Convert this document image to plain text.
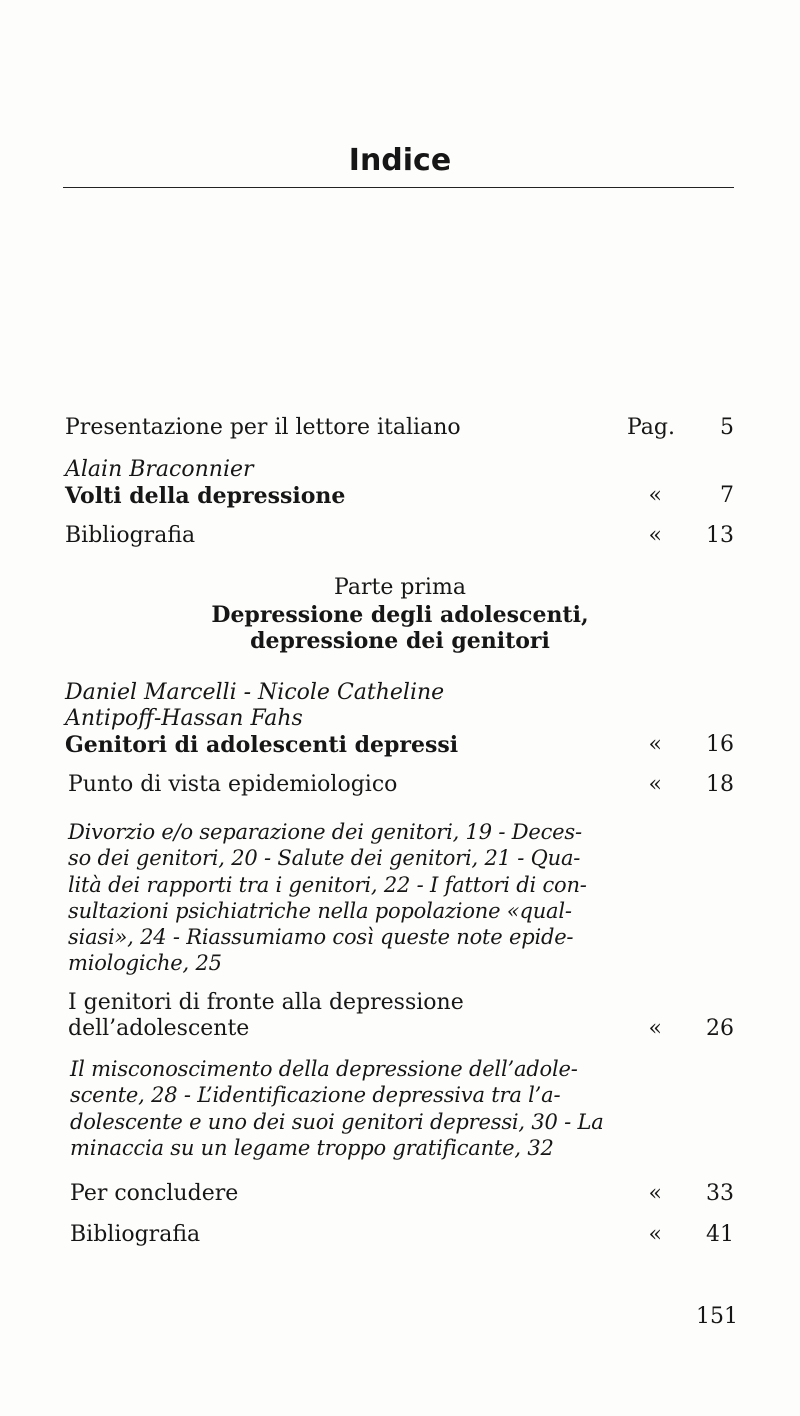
Indice
Presentazione per il lettore italiano	Pag.	5
Alain Braconnier
Volti della depressione	«	7
Bibliografia	«	13
Parte prima
Depressione degli adolescenti,
depressione dei genitori
Daniel Marcelli - Nicole Catheline
Antipoff-Hassan Fahs
Genitori di adolescenti depressi	«	16
Punto di vista epidemiologico	«	18
Divorzio e/o separazione dei genitori, 19 - Deces-
so dei genitori, 20 - Salute dei genitori, 21 - Qua-
lità dei rapporti tra i genitori, 22 - I fattori di con-
sultazioni psichiatriche nella popolazione «qual-
siasi», 24 - Riassumiamo così queste note epide-
miologiche, 25
I genitori di fronte alla depressione
dell’adolescente	«	26
Il misconoscimento della depressione dell’adole-
scente, 28 - L’identificazione depressiva tra l’a-
dolescente e uno dei suoi genitori depressi, 30 - La
minaccia su un legame troppo gratificante, 32
Per concludere	«	33
Bibliografia	«	41
151
